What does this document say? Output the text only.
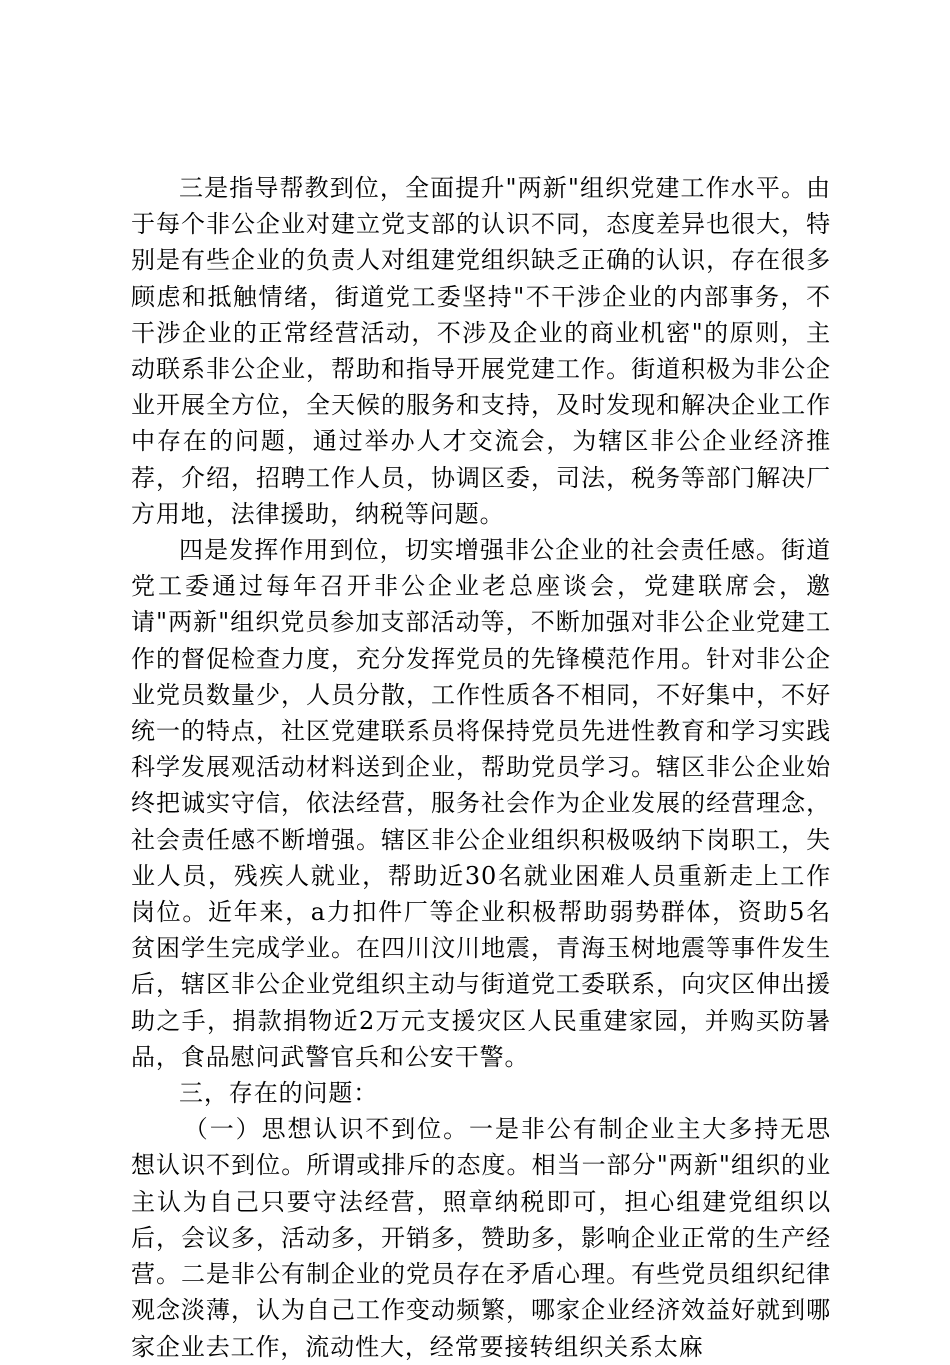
三是指导帮教到位，全面提升"两新"组织党建工作水平。由于每个非公企业对建立党支部的认识不同，态度差异也很大，特别是有些企业的负责人对组建党组织缺乏正确的认识，存在很多顾虑和抵触情绪，街道党工委坚持"不干涉企业的内部事务，不干涉企业的正常经营活动，不涉及企业的商业机密"的原则，主动联系非公企业，帮助和指导开展党建工作。街道积极为非公企业开展全方位，全天候的服务和支持，及时发现和解决企业工作中存在的问题，通过举办人才交流会，为辖区非公企业经济推荐，介绍，招聘工作人员，协调区委，司法，税务等部门解决厂方用地，法律援助，纳税等问题。

四是发挥作用到位，切实增强非公企业的社会责任感。街道党工委通过每年召开非公企业老总座谈会，党建联席会，邀请"两新"组织党员参加支部活动等，不断加强对非公企业党建工作的督促检查力度，充分发挥党员的先锋模范作用。针对非公企业党员数量少，人员分散，工作性质各不相同，不好集中，不好统一的特点，社区党建联系员将保持党员先进性教育和学习实践科学发展观活动材料送到企业，帮助党员学习。辖区非公企业始终把诚实守信，依法经营，服务社会作为企业发展的经营理念，社会责任感不断增强。辖区非公企业组织积极吸纳下岗职工，失业人员，残疾人就业，帮助近30名就业困难人员重新走上工作岗位。近年来，a力扣件厂等企业积极帮助弱势群体，资助5名贫困学生完成学业。在四川汶川地震，青海玉树地震等事件发生后，辖区非公企业党组织主动与街道党工委联系，向灾区伸出援助之手，捐款捐物近2万元支援灾区人民重建家园，并购买防暑品，食品慰问武警官兵和公安干警。

三，存在的问题：

（一）思想认识不到位。一是非公有制企业主大多持无思想认识不到位。所谓或排斥的态度。相当一部分"两新"组织的业主认为自己只要守法经营，照章纳税即可，担心组建党组织以后，会议多，活动多，开销多，赞助多，影响企业正常的生产经营。二是非公有制企业的党员存在矛盾心理。有些党员组织纪律观念淡薄，认为自己工作变动频繁，哪家企业经济效益好就到哪家企业去工作，流动性大，经常要接转组织关系太麻
